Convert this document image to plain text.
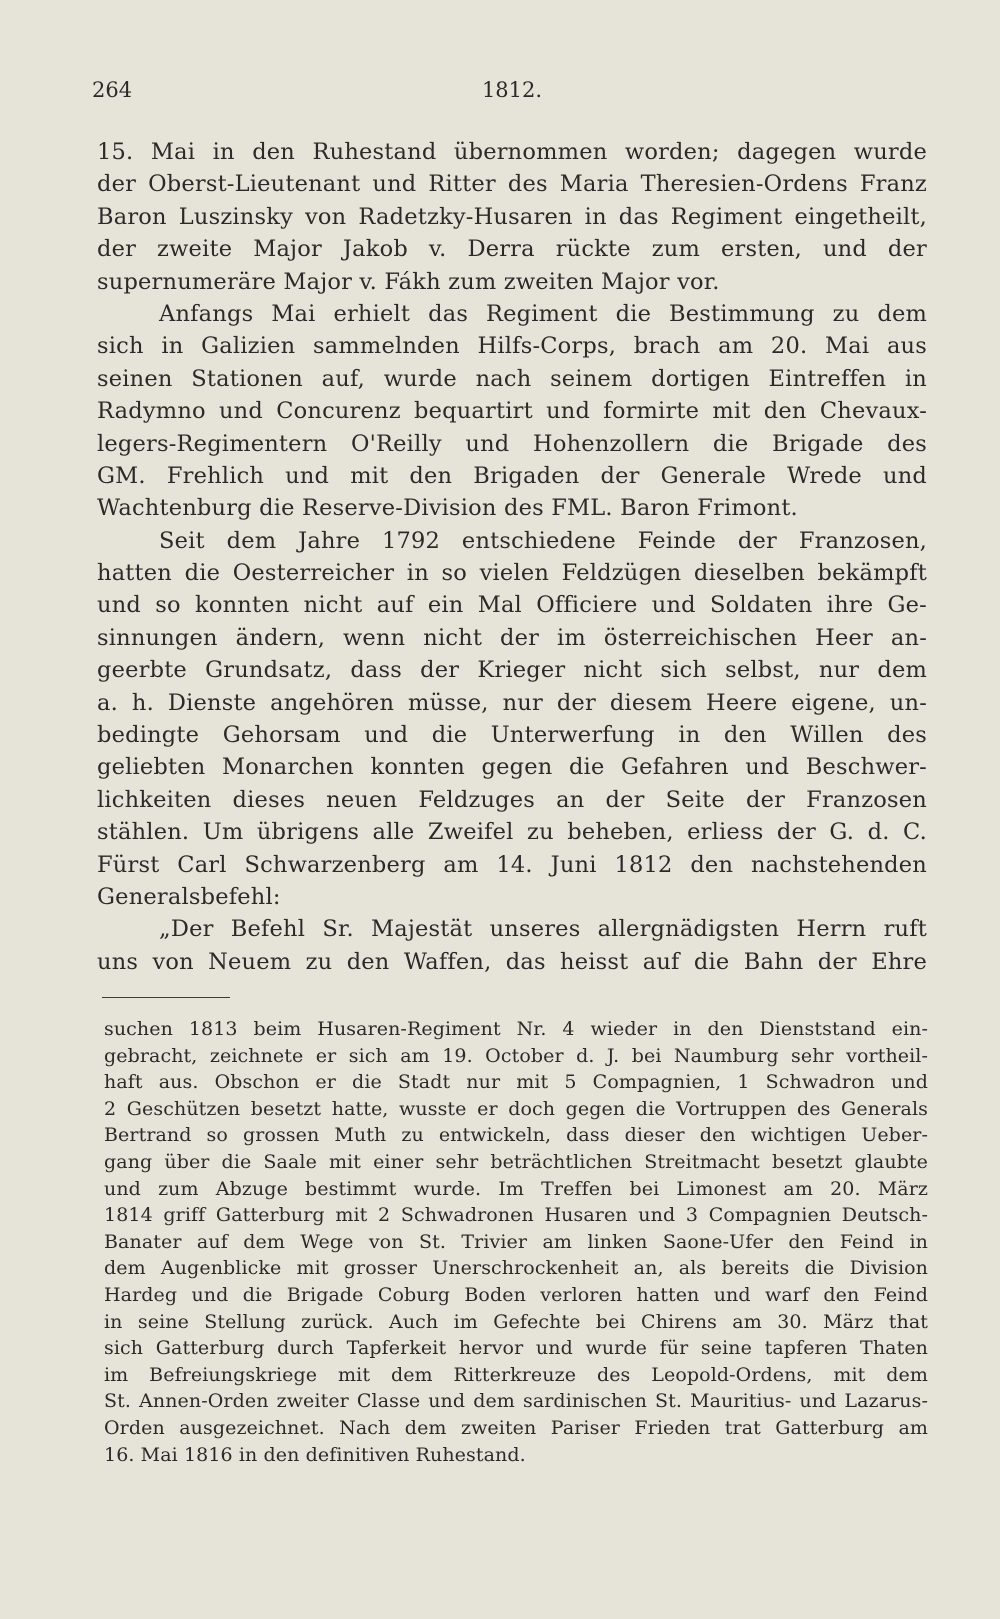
264	1812.
15. Mai in den Ruhestand übernommen worden; dagegen wurde
der Oberst-Lieutenant und Ritter des Maria Theresien-Ordens Franz
Baron Luszinsky von Radetzky-Husaren in das Regiment eingetheilt,
der zweite Major Jakob v. Derra rückte zum ersten, und der
supernumeräre Major v. Fákh zum zweiten Major vor.
Anfangs Mai erhielt das Regiment die Bestimmung zu dem
sich in Galizien sammelnden Hilfs-Corps, brach am 20. Mai aus
seinen Stationen auf, wurde nach seinem dortigen Eintreffen in
Radymno und Concurenz bequartirt und formirte mit den Chevaux-
legers-Regimentern O'Reilly und Hohenzollern die Brigade des
GM. Frehlich und mit den Brigaden der Generale Wrede und
Wachtenburg die Reserve-Division des FML. Baron Frimont.
Seit dem Jahre 1792 entschiedene Feinde der Franzosen,
hatten die Oesterreicher in so vielen Feldzügen dieselben bekämpft
und so konnten nicht auf ein Mal Officiere und Soldaten ihre Ge-
sinnungen ändern, wenn nicht der im österreichischen Heer an-
geerbte Grundsatz, dass der Krieger nicht sich selbst, nur dem
a. h. Dienste angehören müsse, nur der diesem Heere eigene, un-
bedingte Gehorsam und die Unterwerfung in den Willen des
geliebten Monarchen konnten gegen die Gefahren und Beschwer-
lichkeiten dieses neuen Feldzuges an der Seite der Franzosen
stählen. Um übrigens alle Zweifel zu beheben, erliess der G. d. C.
Fürst Carl Schwarzenberg am 14. Juni 1812 den nachstehenden
Generalsbefehl:
„Der Befehl Sr. Majestät unseres allergnädigsten Herrn ruft
uns von Neuem zu den Waffen, das heisst auf die Bahn der Ehre
suchen 1813 beim Husaren-Regiment Nr. 4 wieder in den Dienststand ein-
gebracht, zeichnete er sich am 19. October d. J. bei Naumburg sehr vortheil-
haft aus. Obschon er die Stadt nur mit 5 Compagnien, 1 Schwadron und
2 Geschützen besetzt hatte, wusste er doch gegen die Vortruppen des Generals
Bertrand so grossen Muth zu entwickeln, dass dieser den wichtigen Ueber-
gang über die Saale mit einer sehr beträchtlichen Streitmacht besetzt glaubte
und zum Abzuge bestimmt wurde. Im Treffen bei Limonest am 20. März
1814 griff Gatterburg mit 2 Schwadronen Husaren und 3 Compagnien Deutsch-
Banater auf dem Wege von St. Trivier am linken Saone-Ufer den Feind in
dem Augenblicke mit grosser Unerschrockenheit an, als bereits die Division
Hardeg und die Brigade Coburg Boden verloren hatten und warf den Feind
in seine Stellung zurück. Auch im Gefechte bei Chirens am 30. März that
sich Gatterburg durch Tapferkeit hervor und wurde für seine tapferen Thaten
im Befreiungskriege mit dem Ritterkreuze des Leopold-Ordens, mit dem
St. Annen-Orden zweiter Classe und dem sardinischen St. Mauritius- und Lazarus-
Orden ausgezeichnet. Nach dem zweiten Pariser Frieden trat Gatterburg am
16. Mai 1816 in den definitiven Ruhestand.
